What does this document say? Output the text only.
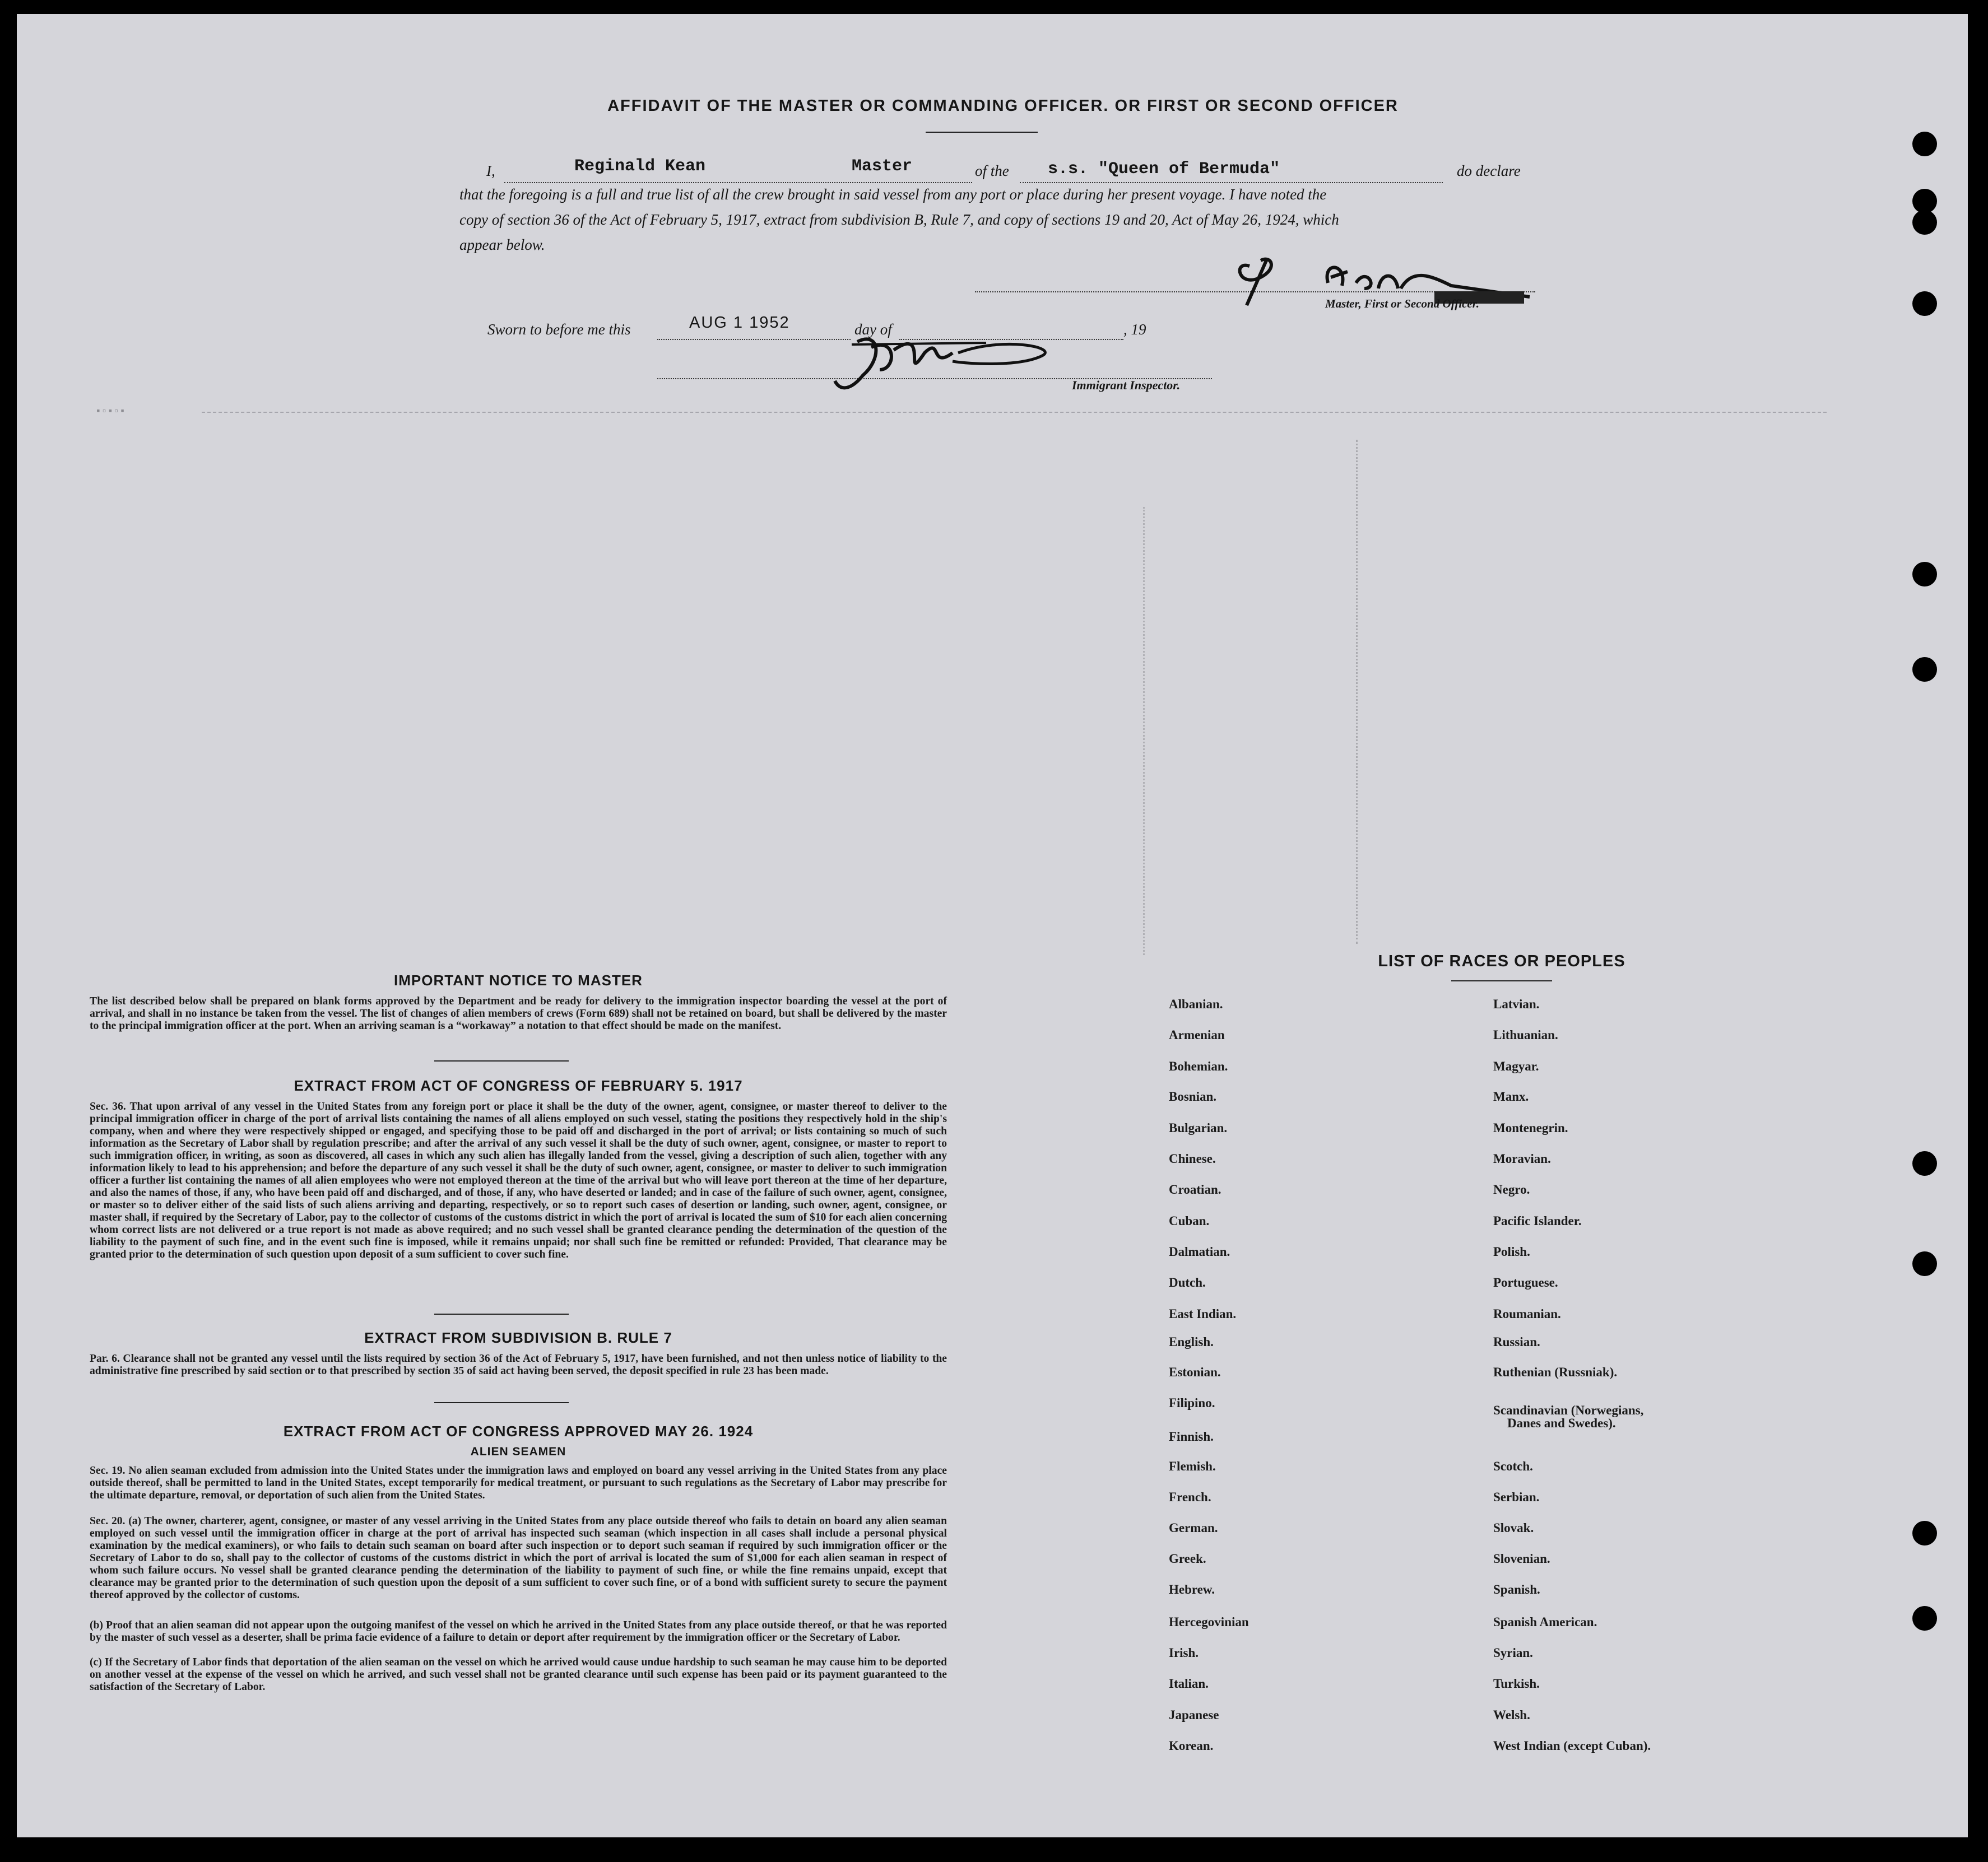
▪▫▪▫▪
AFFIDAVIT OF THE MASTER OR COMMANDING OFFICER. OR FIRST OR SECOND OFFICER
I,	Reginald Kean	Master	of the s.s. "Queen of Bermuda"	do declare
that the foregoing is a full and true list of all the crew brought in said vessel from any port or place during her present voyage. I have noted the
copy of section 36 of the Act of February 5, 1917, extract from subdivision B, Rule 7, and copy of sections 19 and 20, Act of May 26, 1924, which
appear below.
Master, First or Second Officer.
Sworn to before me this	AUG 1 1952	day of	, 19
Immigrant Inspector.
IMPORTANT NOTICE TO MASTER
The list described below shall be prepared on blank forms approved by the Department and be ready for delivery to the immigration inspector boarding the vessel at the port of arrival, and shall in no instance be taken from the vessel. The list of changes of alien members of crews (Form 689) shall not be retained on board, but shall be delivered by the master to the principal immigration officer at the port. When an arriving seaman is a “workaway” a notation to that effect should be made on the manifest.
EXTRACT FROM ACT OF CONGRESS OF FEBRUARY 5. 1917
Sec. 36. That upon arrival of any vessel in the United States from any foreign port or place it shall be the duty of the owner, agent, consignee, or master thereof to deliver to the principal immigration officer in charge of the port of arrival lists containing the names of all aliens employed on such vessel, stating the positions they respectively hold in the ship's company, when and where they were respectively shipped or engaged, and specifying those to be paid off and discharged in the port of arrival; or lists containing so much of such information as the Secretary of Labor shall by regulation prescribe; and after the arrival of any such vessel it shall be the duty of such owner, agent, consignee, or master to report to such immigration officer, in writing, as soon as discovered, all cases in which any such alien has illegally landed from the vessel, giving a description of such alien, together with any information likely to lead to his apprehension; and before the departure of any such vessel it shall be the duty of such owner, agent, consignee, or master to deliver to such immigration officer a further list containing the names of all alien employees who were not employed thereon at the time of the arrival but who will leave port thereon at the time of her departure, and also the names of those, if any, who have been paid off and discharged, and of those, if any, who have deserted or landed; and in case of the failure of such owner, agent, consignee, or master so to deliver either of the said lists of such aliens arriving and departing, respectively, or so to report such cases of desertion or landing, such owner, agent, consignee, or master shall, if required by the Secretary of Labor, pay to the collector of customs of the customs district in which the port of arrival is located the sum of $10 for each alien concerning whom correct lists are not delivered or a true report is not made as above required; and no such vessel shall be granted clearance pending the determination of the question of the liability to the payment of such fine, and in the event such fine is imposed, while it remains unpaid; nor shall such fine be remitted or refunded: Provided, That clearance may be granted prior to the determination of such question upon deposit of a sum sufficient to cover such fine.
EXTRACT FROM SUBDIVISION B. RULE 7
Par. 6. Clearance shall not be granted any vessel until the lists required by section 36 of the Act of February 5, 1917, have been furnished, and not then unless notice of liability to the administrative fine prescribed by said section or to that prescribed by section 35 of said act having been served, the deposit specified in rule 23 has been made.
EXTRACT FROM ACT OF CONGRESS APPROVED MAY 26. 1924
ALIEN SEAMEN
Sec. 19. No alien seaman excluded from admission into the United States under the immigration laws and employed on board any vessel arriving in the United States from any place outside thereof, shall be permitted to land in the United States, except temporarily for medical treatment, or pursuant to such regulations as the Secretary of Labor may prescribe for the ultimate departure, removal, or deportation of such alien from the United States.
Sec. 20. (a) The owner, charterer, agent, consignee, or master of any vessel arriving in the United States from any place outside thereof who fails to detain on board any alien seaman employed on such vessel until the immigration officer in charge at the port of arrival has inspected such seaman (which inspection in all cases shall include a personal physical examination by the medical examiners), or who fails to detain such seaman on board after such inspection or to deport such seaman if required by such immigration officer or the Secretary of Labor to do so, shall pay to the collector of customs of the customs district in which the port of arrival is located the sum of $1,000 for each alien seaman in respect of whom such failure occurs. No vessel shall be granted clearance pending the determination of the liability to payment of such fine, or while the fine remains unpaid, except that clearance may be granted prior to the determination of such question upon the deposit of a sum sufficient to cover such fine, or of a bond with sufficient surety to secure the payment thereof approved by the collector of customs.
(b) Proof that an alien seaman did not appear upon the outgoing manifest of the vessel on which he arrived in the United States from any place outside thereof, or that he was reported by the master of such vessel as a deserter, shall be prima facie evidence of a failure to detain or deport after requirement by the immigration officer or the Secretary of Labor.
(c) If the Secretary of Labor finds that deportation of the alien seaman on the vessel on which he arrived would cause undue hardship to such seaman he may cause him to be deported on another vessel at the expense of the vessel on which he arrived, and such vessel shall not be granted clearance until such expense has been paid or its payment guaranteed to the satisfaction of the Secretary of Labor.
LIST OF RACES OR PEOPLES
Albanian.
Armenian
Bohemian.
Bosnian.
Bulgarian.
Chinese.
Croatian.
Cuban.
Dalmatian.
Dutch.
East Indian.
English.
Estonian.
Filipino.
Finnish.
Flemish.
French.
German.
Greek.
Hebrew.
Hercegovinian
Irish.
Italian.
Japanese
Korean.
Latvian.
Lithuanian.
Magyar.
Manx.
Montenegrin.
Moravian.
Negro.
Pacific Islander.
Polish.
Portuguese.
Roumanian.
Russian.
Ruthenian (Russniak).
Scandinavian (Norwegians,
Danes and Swedes).
Scotch.
Serbian.
Slovak.
Slovenian.
Spanish.
Spanish American.
Syrian.
Turkish.
Welsh.
West Indian (except Cuban).
